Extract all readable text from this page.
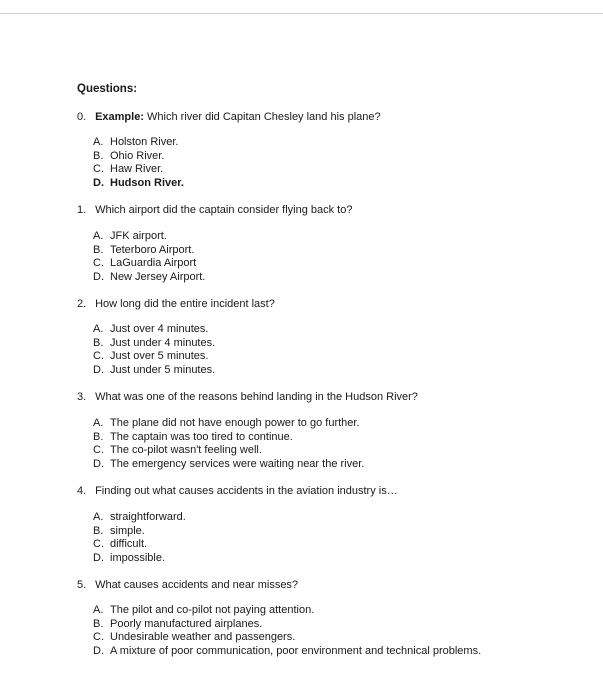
Questions:
0. Example: Which river did Capitan Chesley land his plane?
A. Holston River.
B. Ohio River.
C. Haw River.
D. Hudson River.
1. Which airport did the captain consider flying back to?
A. JFK airport.
B. Teterboro Airport.
C. LaGuardia Airport
D. New Jersey Airport.
2. How long did the entire incident last?
A. Just over 4 minutes.
B. Just under 4 minutes.
C. Just over 5 minutes.
D. Just under 5 minutes.
3. What was one of the reasons behind landing in the Hudson River?
A. The plane did not have enough power to go further.
B. The captain was too tired to continue.
C. The co-pilot wasn't feeling well.
D. The emergency services were waiting near the river.
4. Finding out what causes accidents in the aviation industry is…
A. straightforward.
B. simple.
C. difficult.
D. impossible.
5. What causes accidents and near misses?
A. The pilot and co-pilot not paying attention.
B. Poorly manufactured airplanes.
C. Undesirable weather and passengers.
D. A mixture of poor communication, poor environment and technical problems.
